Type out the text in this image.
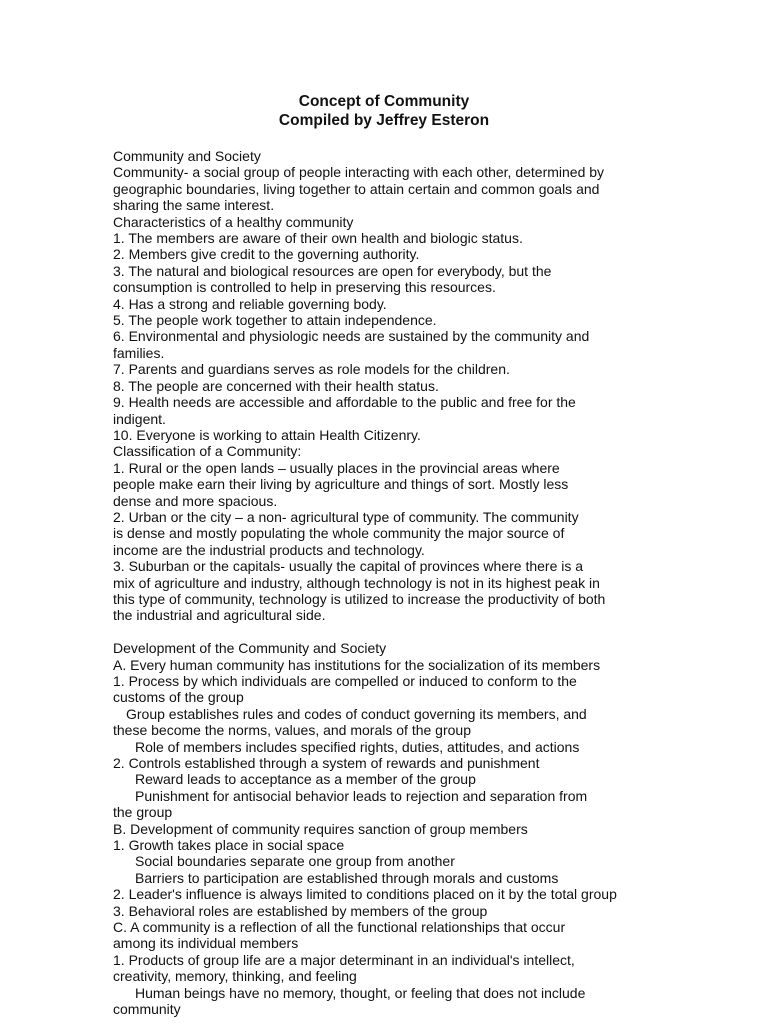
Concept of Community
Compiled by Jeffrey Esteron

Community and Society

Community- a social group of people interacting with each other, determined by

geographic boundaries, living together to attain certain and common goals and

sharing the same interest.

Characteristics of a healthy community

1. The members are aware of their own health and biologic status.

2. Members give credit to the governing authority.

3. The natural and biological resources are open for everybody, but the

consumption is controlled to help in preserving this resources.

4. Has a strong and reliable governing body.

5. The people work together to attain independence.

6. Environmental and physiologic needs are sustained by the community and

families.

7. Parents and guardians serves as role models for the children.

8. The people are concerned with their health status.

9. Health needs are accessible and affordable to the public and free for the

indigent.

10. Everyone is working to attain Health Citizenry.

Classification of a Community:

1. Rural or the open lands – usually places in the provincial areas where

people make earn their living by agriculture and things of sort. Mostly less

dense and more spacious.

2. Urban or the city – a non- agricultural type of community. The community

is dense and mostly populating the whole community the major source of

income are the industrial products and technology.

3. Suburban or the capitals- usually the capital of provinces where there is a

mix of agriculture and industry, although technology is not in its highest peak in

this type of community, technology is utilized to increase the productivity of both

the industrial and agricultural side.

Development of the Community and Society

A. Every human community has institutions for the socialization of its members

1. Process by which individuals are compelled or induced to conform to the

customs of the group

Group establishes rules and codes of conduct governing its members, and

these become the norms, values, and morals of the group

Role of members includes specified rights, duties, attitudes, and actions

2. Controls established through a system of rewards and punishment

Reward leads to acceptance as a member of the group

Punishment for antisocial behavior leads to rejection and separation from

the group

B. Development of community requires sanction of group members

1. Growth takes place in social space

Social boundaries separate one group from another

Barriers to participation are established through morals and customs

2. Leader's influence is always limited to conditions placed on it by the total group

3. Behavioral roles are established by members of the group

C. A community is a reflection of all the functional relationships that occur

among its individual members

1. Products of group life are a major determinant in an individual's intellect,

creativity, memory, thinking, and feeling

Human beings have no memory, thought, or feeling that does not include

community
